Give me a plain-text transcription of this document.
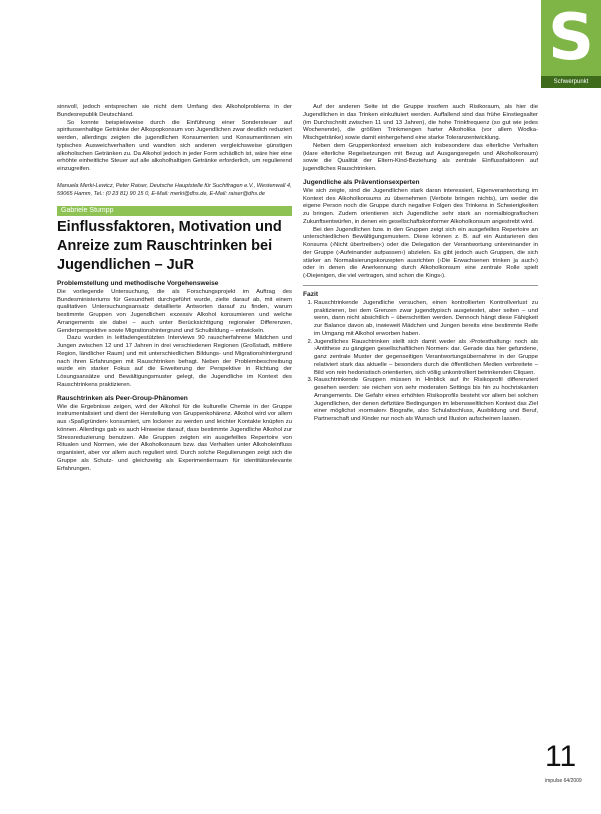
S
Schwerpunkt

sinnvoll, jedoch entsprechen sie nicht dem Umfang des Alkoholproblems in der Bundesrepublik Deutschland.

So konnte beispielsweise durch die Einführung einer Sondersteuer auf spirituosenhaltige Getränke der Alkopopkonsum von Jugendlichen zwar deutlich reduziert werden, allerdings zeigten die jugendlichen Konsumenten und Konsumentinnen ein typisches Ausweichverhalten und wandten sich anderen vergleichsweise günstigen alkoholischen Getränken zu. Da Alkohol jedoch in jeder Form schädlich ist, wäre hier eine erhöhte einheitliche Steuer auf alle alkoholhaltigen Getränke erforderlich, um regulierend einzugreifen.

Manuela Merki-Lewicz, Peter Raiser, Deutsche Hauptstelle für Suchtfragen e.V., Westenwall 4, 59065 Hamm, Tel.: (0 23 81) 90 15 0, E-Mail: merki@dhs.de, E-Mail: raiser@dhs.de
Gabriele Stumpp
Einflussfaktoren, Motivation und Anreize zum Rauschtrinken bei Jugendlichen – JuR
Problemstellung und methodische Vorgehensweise

Die vorliegende Untersuchung, die als Forschungsprojekt im Auftrag des Bundesministeriums für Gesundheit durchgeführt wurde, zielte darauf ab, mit einem qualitativen Untersuchungsansatz detaillierte Antworten darauf zu finden, warum bestimmte Gruppen von Jugendlichen exzessiv Alkohol konsumieren und welche Arrangements sie dabei – auch unter Berücksichtigung regionaler Differenzen, Genderperspektive sowie Migrationshintergrund und Schulbildung – entwickeln.

Dazu wurden in leitfadengestützten Interviews 90 rauscherfahrene Mädchen und Jungen zwischen 12 und 17 Jahren in drei verschiedenen Regionen (Großstadt, mittlere Region, ländlicher Raum) und mit unterschiedlichen Bildungs- und Migrationshintergrund nach ihren Erfahrungen mit Rauschtrinken befragt. Neben der Problembeschreibung wurde ein starker Fokus auf die Erweiterung der Perspektive in Richtung der Lösungsansätze und Bewältigungsmuster gelegt, die Jugendliche im Kontext des Rauschtrinkens praktizieren.

Rauschtrinken als Peer-Group-Phänomen

Wie die Ergebnisse zeigen, wird der Alkohol für die kulturelle Chemie in der Gruppe instrumentalisiert und dient der Herstellung von Gruppenkohärenz. Alkohol wird vor allem aus ›Spaßgründen‹ konsumiert, um lockerer zu werden und leichter Kontakte knüpfen zu können. Allerdings gab es auch Hinweise darauf, dass bestimmte Jugendliche Alkohol zur Stressreduzierung benutzen. Alle Gruppen zeigten ein ausgefeiltes Repertoire von Ritualen und Normen, wie der Alkoholkonsum bzw. das Verhalten unter Alkoholeinfluss organisiert, aber vor allem auch reguliert wird. Durch solche Regulierungen zeigt sich die Gruppe als Schutz- und gleichzeitig als Experimentierraum für identitätsrelevante Erfahrungen.

Auf der anderen Seite ist die Gruppe insofern auch Risikoraum, als hier die Jugendlichen in das Trinken einkultuiert werden. Auffallend sind das frühe Einstiegsalter (im Durchschnitt zwischen 11 und 13 Jahren), die hohe Trinkfrequenz (so gut wie jedes Wochenende), die größten Trinkmengen harter Alkoholika (vor allem Wodka-Mischgetränke) sowie damit einhergehend eine starke Toleranzentwicklung.

Neben dem Gruppenkontext erweisen sich insbesondere das elterliche Verhalten (klare elterliche Regelsetzungen mit Bezug auf Ausgangsregeln und Alkoholkonsum) sowie die Qualität der Eltern-Kind-Beziehung als zentrale Einflussfaktoren auf jugendliches Rauschtrinken.

Jugendliche als Präventionsexperten

Wie sich zeigte, sind die Jugendlichen stark daran interessiert, Eigenverantwortung im Kontext des Alkoholkonsums zu übernehmen (Verbote bringen nichts), um weder die eigene Person noch die Gruppe durch negative Folgen des Trinkens in Schwierigkeiten zu bringen. Zudem orientieren sich Jugendliche sehr stark an normalbiografischen Zukunftsentwürfen, in denen ein gesellschaftskonformer Alkoholkonsum angestrebt wird.

Bei den Jugendlichen bzw. in den Gruppen zeigt sich ein ausgefeiltes Repertoire an unterschiedlichen Bewältigungsmustern. Diese können z. B. auf ein Austarieren des Konsums (›Nicht übertreiben‹) oder die Delegation der Verantwortung untereinander in der Gruppe (›Aufeinander aufpassen‹) abzielen. Es gibt jedoch auch Gruppen, die sich stärker an Normalisierungskonzepten ausrichten (›Die Erwachsenen trinken ja auch‹) oder in denen die Anerkennung durch Alkoholkonsum eine zentrale Rolle spielt (›Diejenigen, die viel vertragen, sind schon die Kings‹).

Fazit
1. Rauschtrinkende Jugendliche versuchen, einen kontrollierten Kontrollverlust zu praktizieren, bei dem Grenzen zwar jugendtypisch ausgetestet, aber selten – und wenn, dann nicht absichtlich – überschritten werden. Dennoch hängt diese Fähigkeit zur Balance davon ab, inwieweit Mädchen und Jungen bereits eine bestimmte Reife im Umgang mit Alkohol erworben haben.
2. Jugendliches Rauschtrinken stellt sich damit weder als ›Protesthaltung‹ noch als ›Antithese zu gängigen gesellschaftlichen Normen‹ dar. Gerade das hier gefundene, ganz zentrale Muster der gegenseitigen Verantwortungsübernahme in der Gruppe relativiert stark das aktuelle – besonders durch die öffentlichen Medien verbreitete – Bild von rein hedonistisch orientierten, sich völlig unkontrolliert betrinkenden Cliquen.
3. Rauschtrinkende Gruppen müssen in Hinblick auf ihr Risikoprofil differenziert gesehen werden: sie reichen von sehr moderaten Settings bis hin zu hochriskanten Arrangements. Die Gefahr eines erhöhten Risikoprofils besteht vor allem bei solchen Jugendlichen, der denen defizitäre Bedingungen im lebensweltlichen Kontext das Ziel einer möglichst ›normalen‹ Biografie, also Schulabschluss, Ausbildung und Beruf, Partnerschaft und Kinder nur noch als Wunsch und Illusion aufscheinen lassen.
11
impulse 64/2009
